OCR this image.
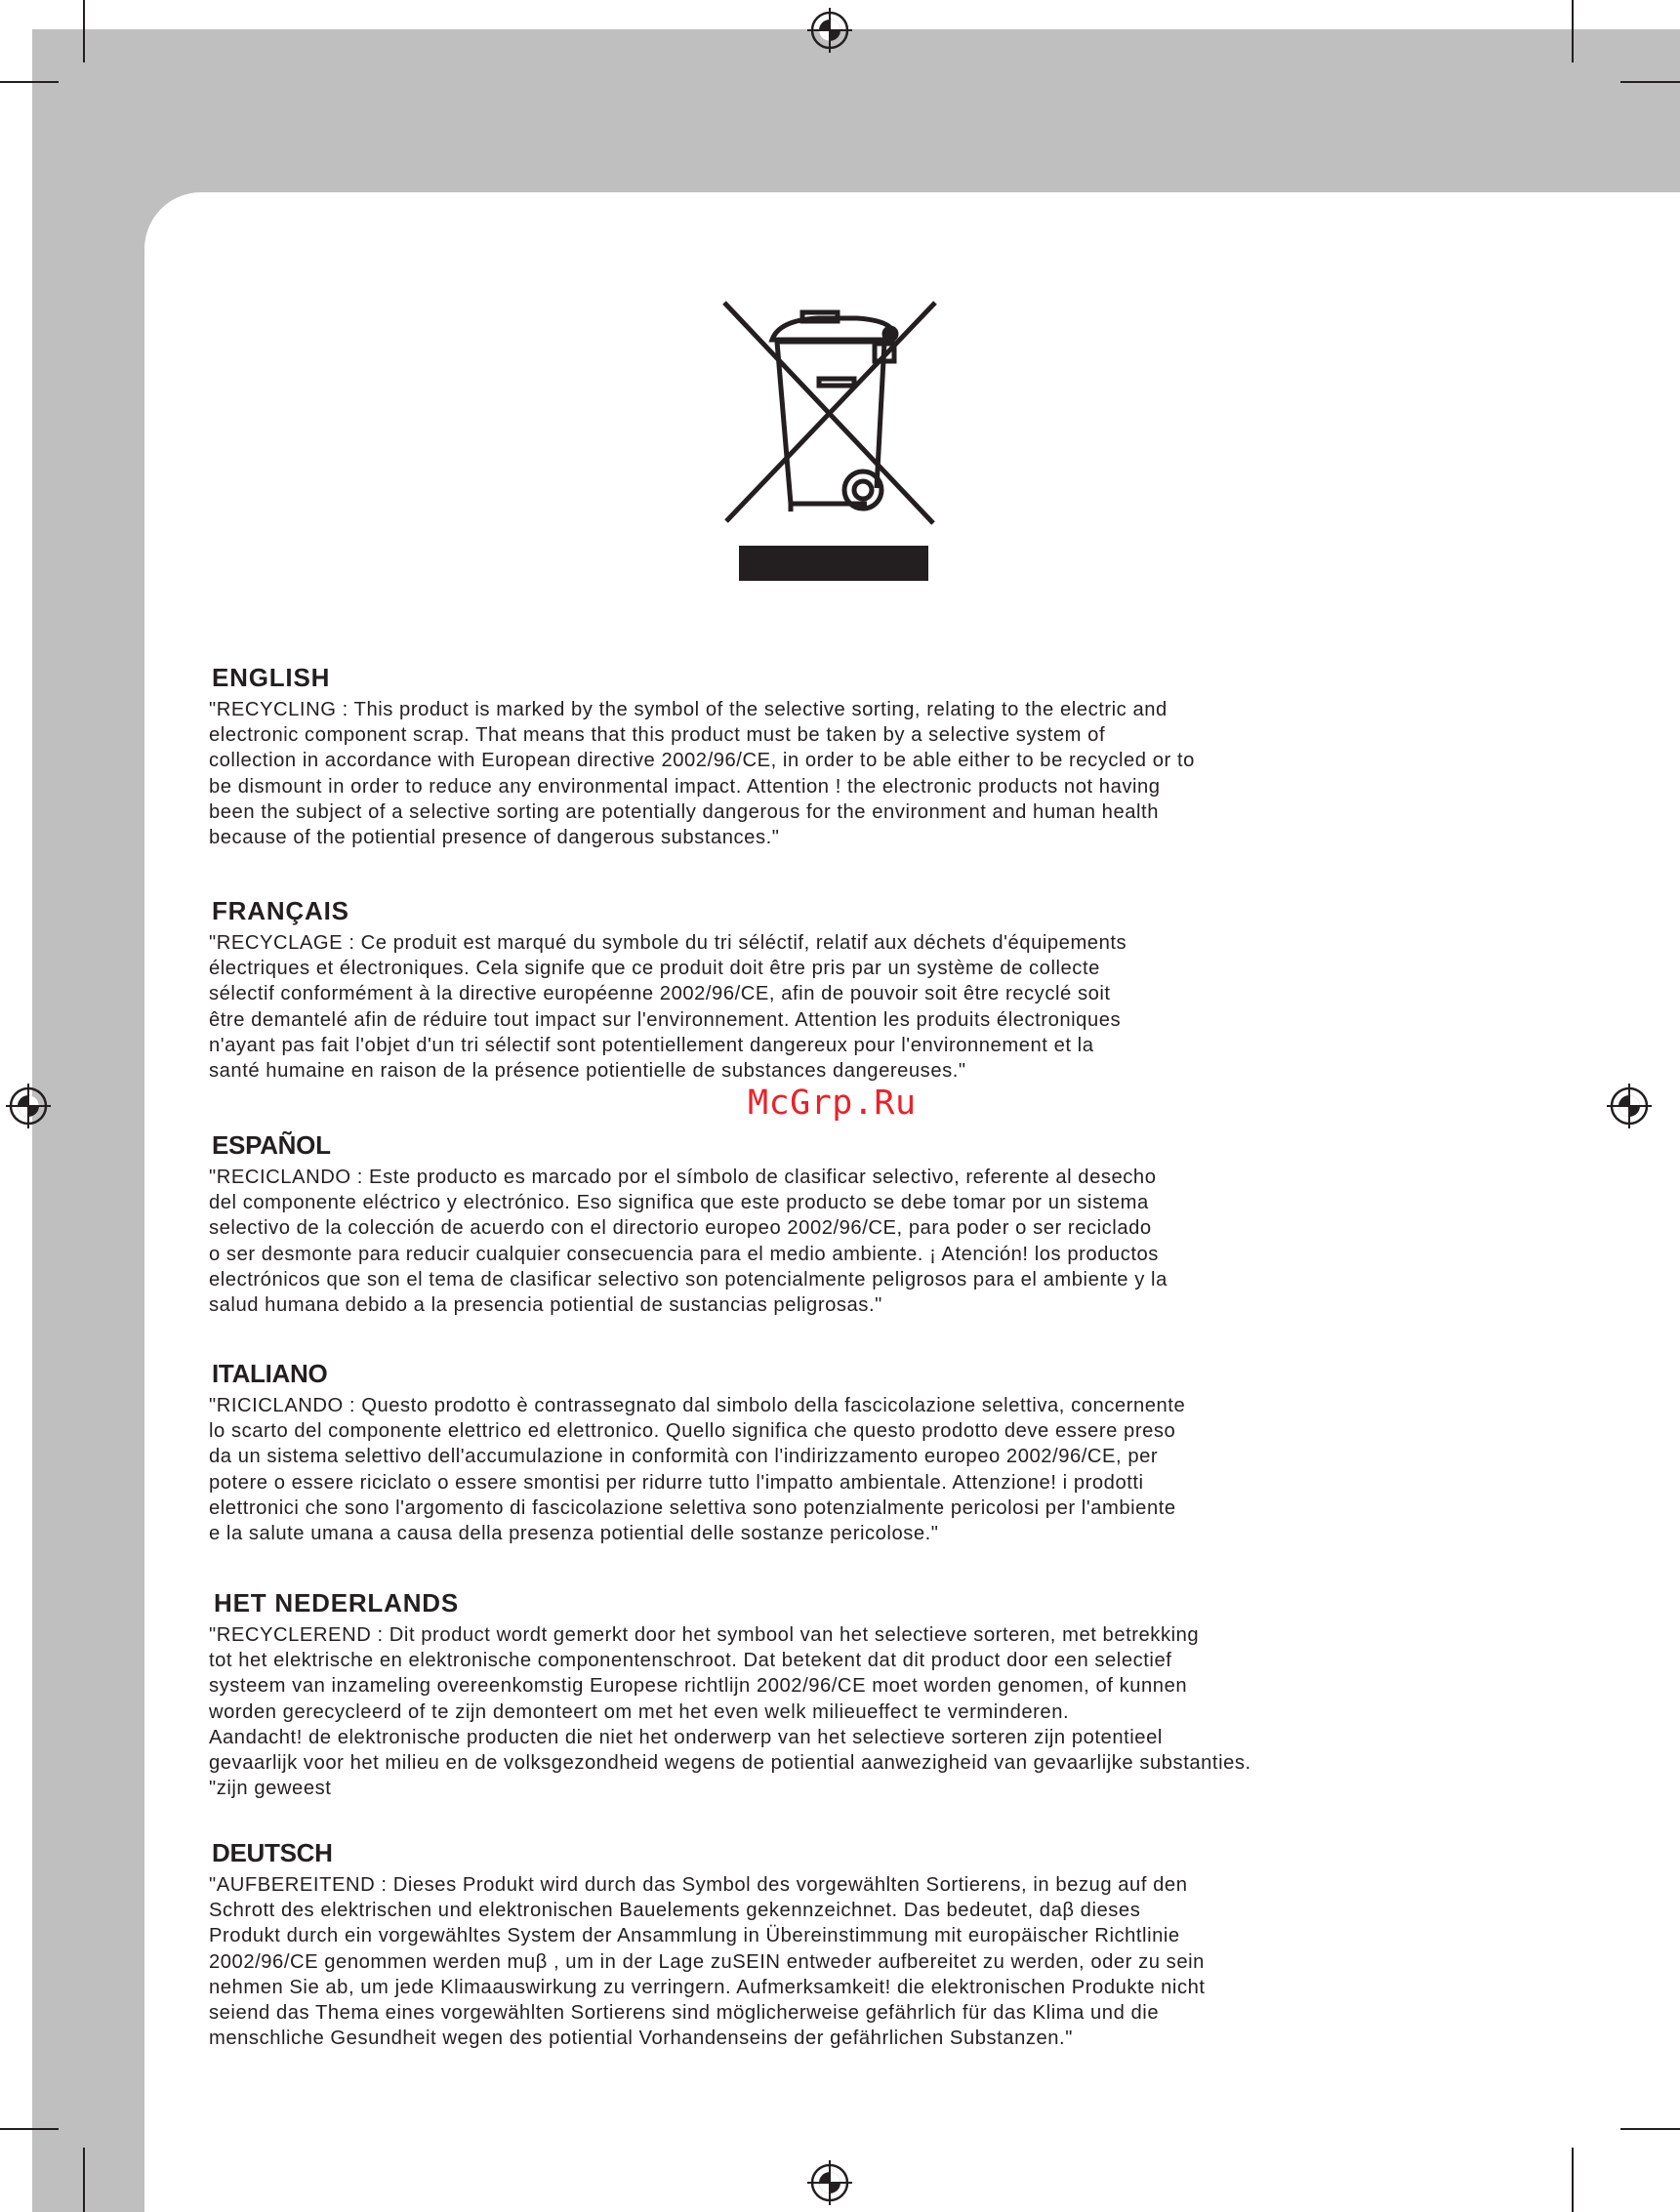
McGrp.Ru
ENGLISH

"RECYCLING : This product is marked by the symbol of the selective sorting, relating to the electric and
electronic component scrap. That means that this product must be taken by a selective system of
collection in accordance with European directive 2002/96/CE, in order to be able either to be recycled or to
be dismount in order to reduce any environmental impact. Attention ! the electronic products not having
been the subject of a selective sorting are potentially dangerous for the environment and human health
because of the potiential presence of dangerous substances."

FRANÇAIS

"RECYCLAGE : Ce produit est marqué du symbole du tri séléctif, relatif aux déchets d'équipements
électriques et électroniques. Cela signife que ce produit doit être pris par un système de collecte
sélectif conformément à la directive européenne 2002/96/CE, afin de pouvoir soit être recyclé soit
être demantelé afin de réduire tout impact sur l'environnement. Attention les produits électroniques
n'ayant pas fait l'objet d'un tri sélectif sont potentiellement dangereux pour l'environnement et la
santé humaine en raison de la présence potientielle de substances dangereuses."

ESPAÑOL

"RECICLANDO : Este producto es marcado por el símbolo de clasificar selectivo, referente al desecho
del componente eléctrico y electrónico. Eso significa que este producto se debe tomar por un sistema
selectivo de la colección de acuerdo con el directorio europeo 2002/96/CE, para poder o ser reciclado
o ser desmonte para reducir cualquier consecuencia para el medio ambiente. ¡ Atención! los productos
electrónicos que son el tema de clasificar selectivo son potencialmente peligrosos para el ambiente y la
salud humana debido a la presencia potiential de sustancias peligrosas."

ITALIANO

"RICICLANDO : Questo prodotto è contrassegnato dal simbolo della fascicolazione selettiva, concernente
lo scarto del componente elettrico ed elettronico. Quello significa che questo prodotto deve essere preso
da un sistema selettivo dell'accumulazione in conformità con l'indirizzamento europeo 2002/96/CE, per
potere o essere riciclato o essere smontisi per ridurre tutto l'impatto ambientale. Attenzione! i prodotti
elettronici che sono l'argomento di fascicolazione selettiva sono potenzialmente pericolosi per l'ambiente
e la salute umana a causa della presenza potiential delle sostanze pericolose."

HET NEDERLANDS

"RECYCLEREND : Dit product wordt gemerkt door het symbool van het selectieve sorteren, met betrekking
tot het elektrische en elektronische componentenschroot. Dat betekent dat dit product door een selectief
systeem van inzameling overeenkomstig Europese richtlijn 2002/96/CE moet worden genomen, of kunnen
worden gerecycleerd of te zijn demonteert om met het even welk milieueffect te verminderen.
Aandacht! de elektronische producten die niet het onderwerp van het selectieve sorteren zijn potentieel
gevaarlijk voor het milieu en de volksgezondheid wegens de potiential aanwezigheid van gevaarlijke substanties.
"zijn geweest

DEUTSCH

"AUFBEREITEND : Dieses Produkt wird durch das Symbol des vorgewählten Sortierens, in bezug auf den
Schrott des elektrischen und elektronischen Bauelements gekennzeichnet. Das bedeutet, daβ dieses
Produkt durch ein vorgewähltes System der Ansammlung in Übereinstimmung mit europäischer Richtlinie
2002/96/CE genommen werden muβ , um in der Lage zuSEIN entweder aufbereitet zu werden, oder zu sein
nehmen Sie ab, um jede Klimaauswirkung zu verringern. Aufmerksamkeit! die elektronischen Produkte nicht
seiend das Thema eines vorgewählten Sortierens sind möglicherweise gefährlich für das Klima und die
menschliche Gesundheit wegen des potiential Vorhandenseins der gefährlichen Substanzen."
